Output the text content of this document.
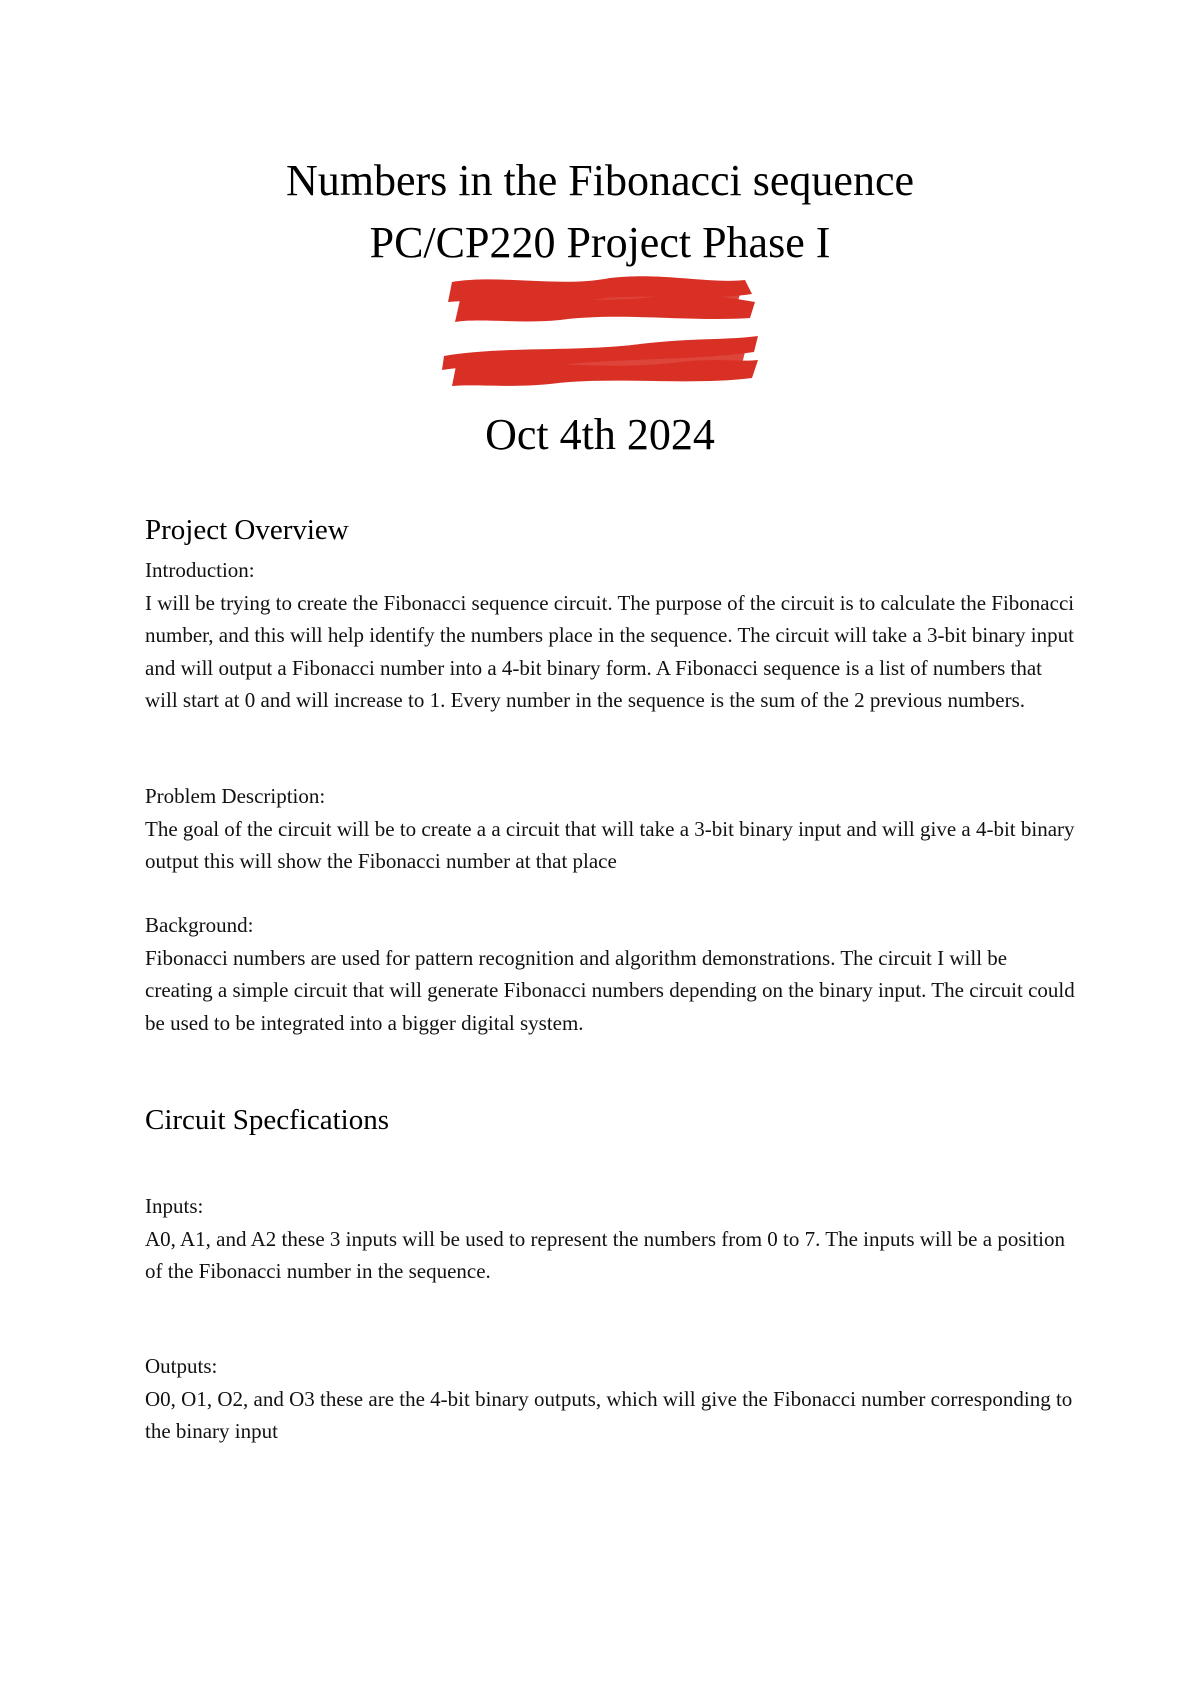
Numbers in the Fibonacci sequence
PC/CP220 Project Phase I
Oct 4th 2024
Project Overview
Introduction:

I will be trying to create the Fibonacci sequence circuit. The purpose of the circuit is to calculate the Fibonacci number, and this will help identify the numbers place in the sequence. The circuit will take a 3-bit binary input and will output a Fibonacci number into a 4-bit binary form. A Fibonacci sequence is a list of numbers that will start at 0 and will increase to 1. Every number in the sequence is the sum of the 2 previous numbers.

Problem Description:

The goal of the circuit will be to create a a circuit that will take a 3-bit binary input and will give a 4-bit binary output this will show the Fibonacci number at that place

Background:

Fibonacci numbers are used for pattern recognition and algorithm demonstrations. The circuit I will be creating a simple circuit that will generate Fibonacci numbers depending on the binary input. The circuit could be used to be integrated into a bigger digital system.

Circuit Specfications
Inputs:

A0, A1, and A2 these 3 inputs will be used to represent the numbers from 0 to 7. The inputs will be a position of the Fibonacci number in the sequence.

Outputs:

O0, O1, O2, and O3 these are the 4-bit binary outputs, which will give the Fibonacci number corresponding to the binary input
